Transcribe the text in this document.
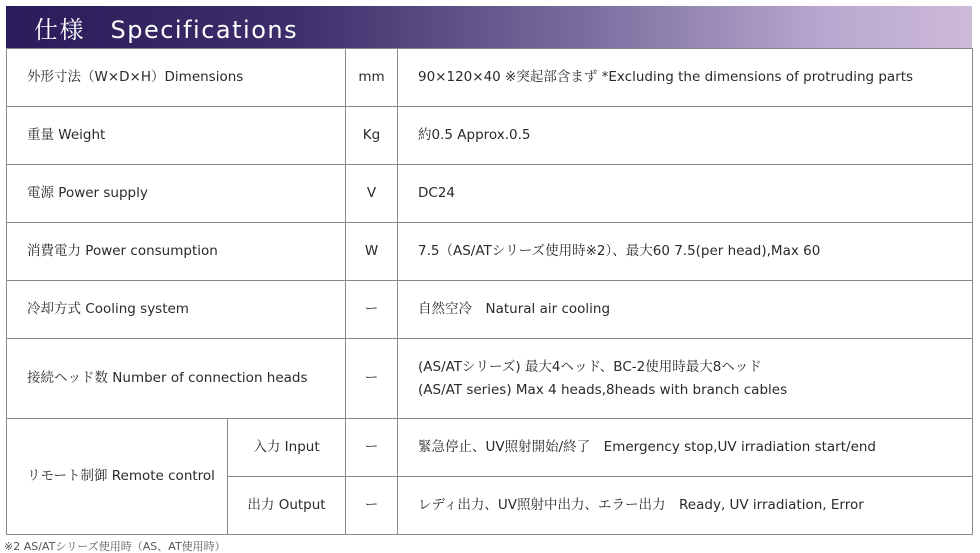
仕様　Specifications
外形寸法（W×D×H）Dimensions		mm	90×120×40 ※突起部含まず *Excluding the dimensions of protruding parts
重量 Weight		Kg	約0.5 Approx.0.5
電源 Power supply		V	DC24
消費電力 Power consumption		W	7.5（AS/ATシリーズ使用時※2）、最大60 7.5(per head),Max 60
冷却方式 Cooling system		ー	自然空冷　Natural air cooling
接続ヘッド数 Number of connection heads		ー	(AS/ATシリーズ) 最大4ヘッド、BC-2使用時最大8ヘッド
(AS/AT series) Max 4 heads,8heads with branch cables

リモート制御 Remote control	入力 Input	ー	緊急停止、UV照射開始/終了　Emergency stop,UV irradiation start/end
	出力 Output	ー	レディ出力、UV照射中出力、エラー出力　Ready, UV irradiation, Error
※2 AS/ATシリーズ使用時（AS、AT使用時）
